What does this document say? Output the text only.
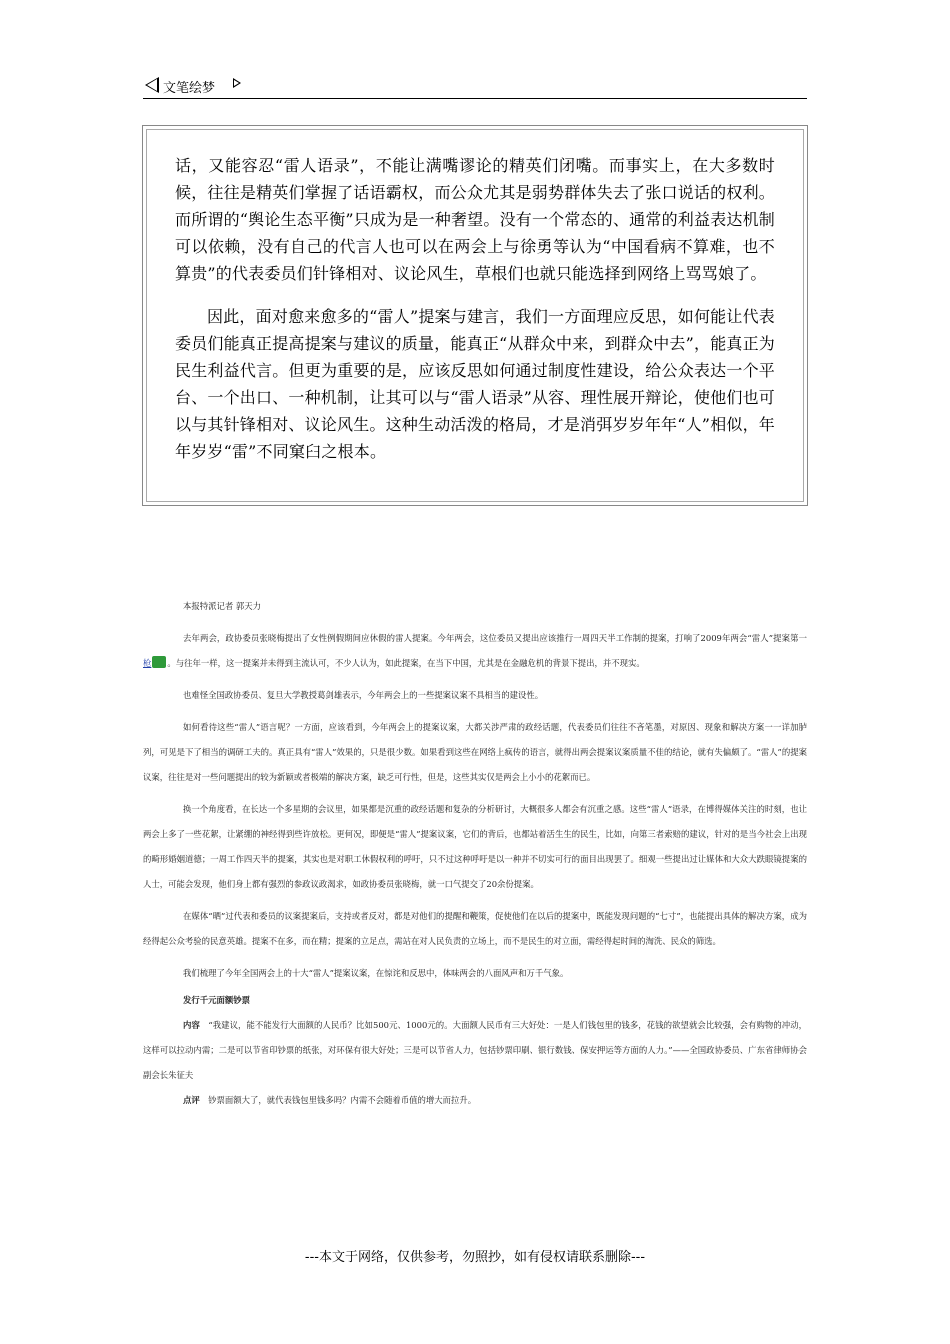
文笔绘梦

话，又能容忍“雷人语录”，不能让满嘴谬论的精英们闭嘴。而事实上，在大多数时候，往往是精英们掌握了话语霸权，而公众尤其是弱势群体失去了张口说话的权利。而所谓的“舆论生态平衡”只成为是一种奢望。没有一个常态的、通常的利益表达机制可以依赖，没有自己的代言人也可以在两会上与徐勇等认为“中国看病不算难，也不算贵”的代表委员们针锋相对、议论风生，草根们也就只能选择到网络上骂骂娘了。

因此，面对愈来愈多的“雷人”提案与建言，我们一方面理应反思，如何能让代表委员们能真正提高提案与建议的质量，能真正“从群众中来，到群众中去”，能真正为民生利益代言。但更为重要的是，应该反思如何通过制度性建设，给公众表达一个平台、一个出口、一种机制，让其可以与“雷人语录”从容、理性展开辩论，使他们也可以与其针锋相对、议论风生。这种生动活泼的格局，才是消弭岁岁年年“人”相似，年年岁岁“雷”不同窠臼之根本。

本报特派记者 郭天力

去年两会，政协委员张晓梅提出了女性例假期间应休假的雷人提案。今年两会，这位委员又提出应该推行一周四天半工作制的提案，打响了2009年两会“雷人”提案第一枪 。与往年一样，这一提案并未得到主流认可，不少人认为，如此提案，在当下中国，尤其是在金融危机的背景下提出，并不现实。

也难怪全国政协委员、复旦大学教授葛剑雄表示，今年两会上的一些提案议案不具相当的建设性。

如何看待这些“雷人”语言呢？一方面，应该看到，今年两会上的提案议案，大都关涉严肃的政经话题，代表委员们往往不吝笔墨，对原因、现象和解决方案一一详加胪列，可见是下了相当的调研工夫的。真正具有“雷人”效果的，只是很少数。如果看到这些在网络上疯传的语言，就得出两会提案议案质量不佳的结论，就有失偏颇了。“雷人”的提案议案，往往是对一些问题提出的较为新颖或者极端的解决方案，缺乏可行性，但是，这些其实仅是两会上小小的花絮而已。

换一个角度看，在长达一个多星期的会议里，如果都是沉重的政经话题和复杂的分析研讨，大概很多人都会有沉重之感。这些“雷人”语录，在博得媒体关注的时刻，也让两会上多了一些花絮，让紧绷的神经得到些许放松。更何况，即便是“雷人”提案议案，它们的背后，也都站着活生生的民生，比如，向第三者索赔的建议，针对的是当今社会上出现的畸形婚姻道德；一周工作四天半的提案，其实也是对职工休假权利的呼吁，只不过这种呼吁是以一种并不切实可行的面目出现罢了。细观一些提出过让媒体和大众大跌眼镜提案的人士，可能会发现，他们身上都有强烈的参政议政渴求，如政协委员张晓梅，就一口气提交了20余份提案。

在媒体“晒”过代表和委员的议案提案后，支持或者反对，都是对他们的提醒和鞭策，促使他们在以后的提案中，既能发现问题的“七寸”，也能提出具体的解决方案，成为经得起公众考验的民意英雄。提案不在多，而在精；提案的立足点，需站在对人民负责的立场上，而不是民生的对立面，需经得起时间的淘洗、民众的筛选。

我们梳理了今年全国两会上的十大“雷人”提案议案，在惊诧和反思中，体味两会的八面风声和万千气象。

发行千元面额钞票

内容　 “我建议，能不能发行大面额的人民币？比如500元、1000元的。大面额人民币有三大好处：一是人们钱包里的钱多，花钱的欲望就会比较强，会有购物的冲动，这样可以拉动内需；二是可以节省印钞票的纸张，对环保有很大好处；三是可以节省人力，包括钞票印刷、银行数钱、保安押运等方面的人力。”——全国政协委员、广东省律师协会副会长朱征夫

点评　 钞票面额大了，就代表钱包里钱多吗？内需不会随着币值的增大而拉升。

---本文于网络，仅供参考，勿照抄，如有侵权请联系删除---
